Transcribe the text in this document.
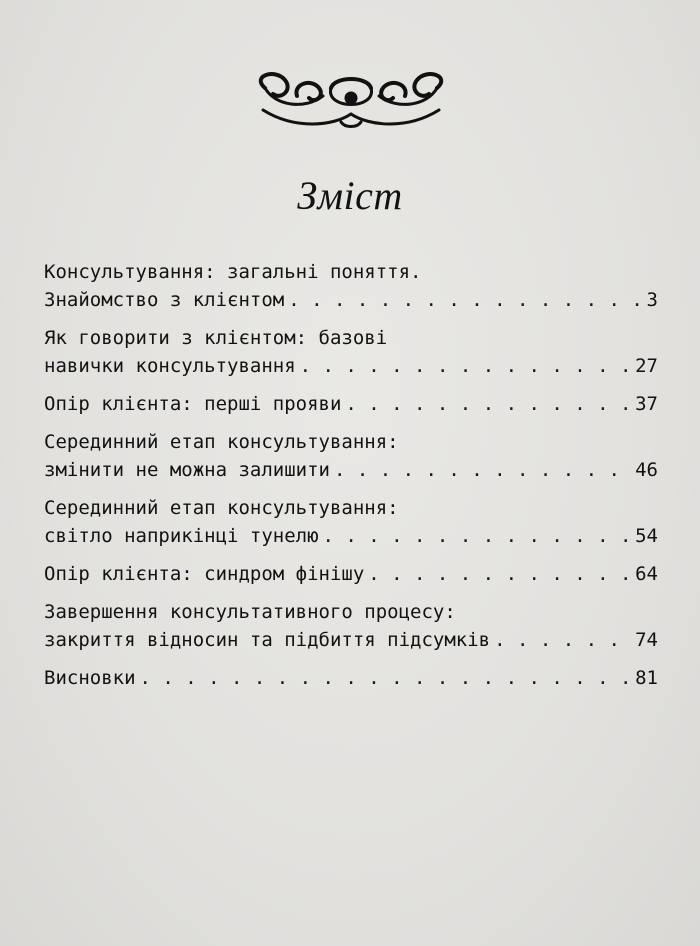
Зміст
Консультування: загальні поняття.
Знайомство з клієнтом . . .	3
Як говорити з клієнтом: базові
навички консультування . . .	27
Опір клієнта: перші прояви . . .	37
Серединний етап консультування:
змінити не можна залишити . . .	46
Серединний етап консультування:
світло наприкінці тунелю . . .	54
Опір клієнта: синдром фінішу . . .	64
Завершення консультативного процесу:
закриття відносин та підбиття підсумків . . .	74
Висновки . . .	81
